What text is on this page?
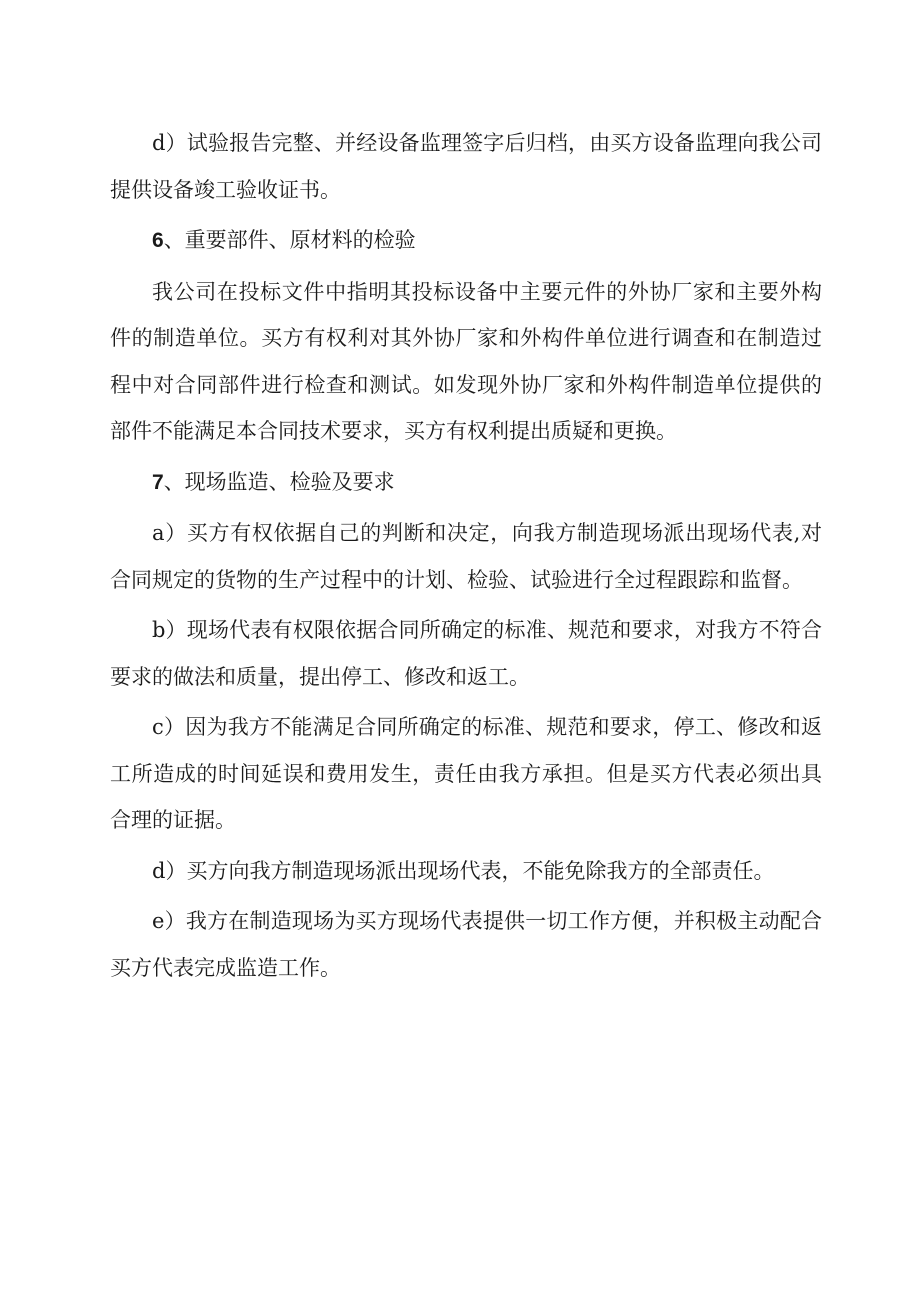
d）试验报告完整、并经设备监理签字后归档，由买方设备监理向我公司提供设备竣工验收证书。

6、重要部件、原材料的检验

我公司在投标文件中指明其投标设备中主要元件的外协厂家和主要外构件的制造单位。买方有权利对其外协厂家和外构件单位进行调查和在制造过程中对合同部件进行检查和测试。如发现外协厂家和外构件制造单位提供的部件不能满足本合同技术要求，买方有权利提出质疑和更换。

7、现场监造、检验及要求

a）买方有权依据自己的判断和决定，向我方制造现场派出现场代表,对合同规定的货物的生产过程中的计划、检验、试验进行全过程跟踪和监督。

b）现场代表有权限依据合同所确定的标准、规范和要求，对我方不符合要求的做法和质量，提出停工、修改和返工。

c）因为我方不能满足合同所确定的标准、规范和要求，停工、修改和返工所造成的时间延误和费用发生，责任由我方承担。但是买方代表必须出具合理的证据。

d）买方向我方制造现场派出现场代表，不能免除我方的全部责任。

e）我方在制造现场为买方现场代表提供一切工作方便，并积极主动配合买方代表完成监造工作。
